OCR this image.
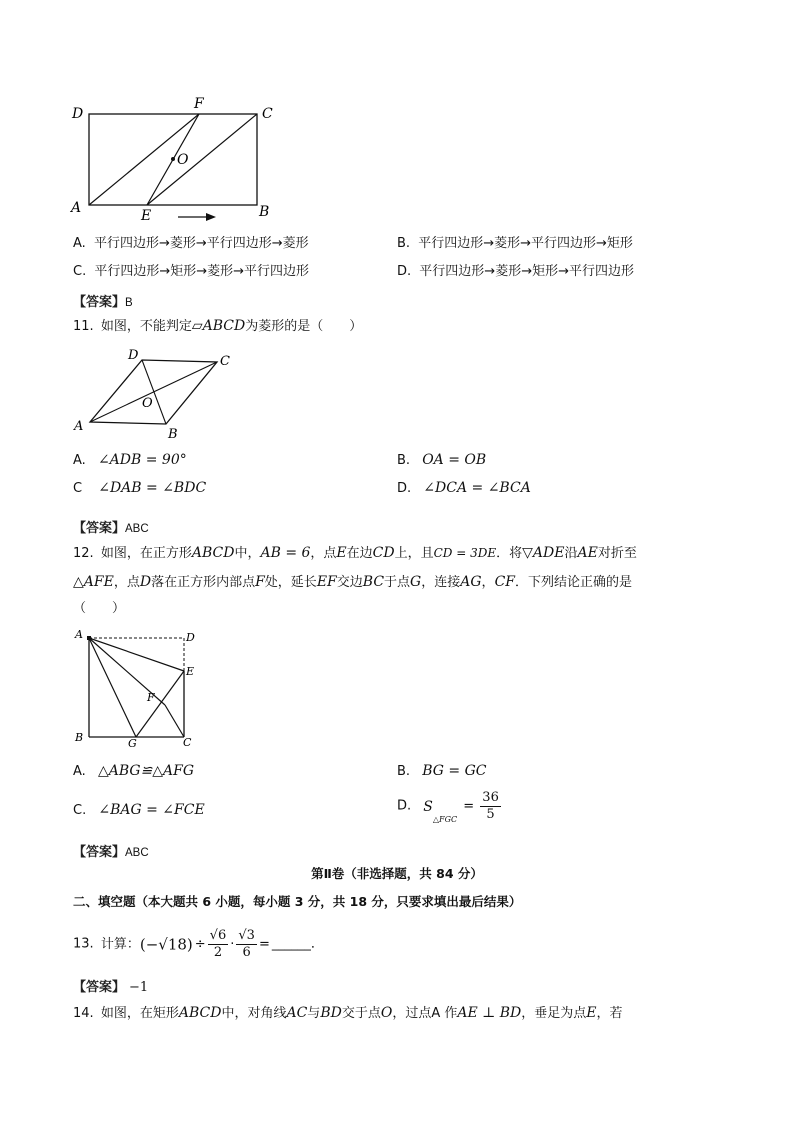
D
F
C
O
A	E	B
A. 平行四边形→菱形→平行四边形→菱形	B. 平行四边形→菱形→平行四边形→矩形
C. 平行四边形→矩形→菱形→平行四边形	D. 平行四边形→菱形→矩形→平行四边形
【答案】B
11. 如图，不能判定▱ABCD为菱形的是（　　）
D	C
O
A
B
A. ∠ADB = 90°	B. OA = OB
C ∠DAB = ∠BDC	D. ∠DCA = ∠BCA
【答案】ABC
12. 如图，在正方形ABCD中，AB = 6，点E在边CD上，且CD = 3DE．将▽ADE沿AE对折至
△AFE，点D落在正方形内部点F处，延长EF交边BC于点G，连接AG，CF．下列结论正确的是
（　　）
A	D
E
F
B	G	C
A. △ABG≌△AFG	B. BG = GC
C. ∠BAG = ∠FCE	D. $S_{\triangle FGC} = \frac{36}{5}$
【答案】ABC
第Ⅱ卷（非选择题，共 84 分）
二、填空题（本大题共 6 小题，每小题 3 分，共 18 分，只要求填出最后结果）
13. 计算：$(-√18) \div \frac{√6}{2} \cdot \frac{√3}{6}$ = ______．
【答案】 −1
14. 如图，在矩形ABCD中，对角线AC与BD交于点O，过点A 作AE ⊥ BD，垂足为点E，若
